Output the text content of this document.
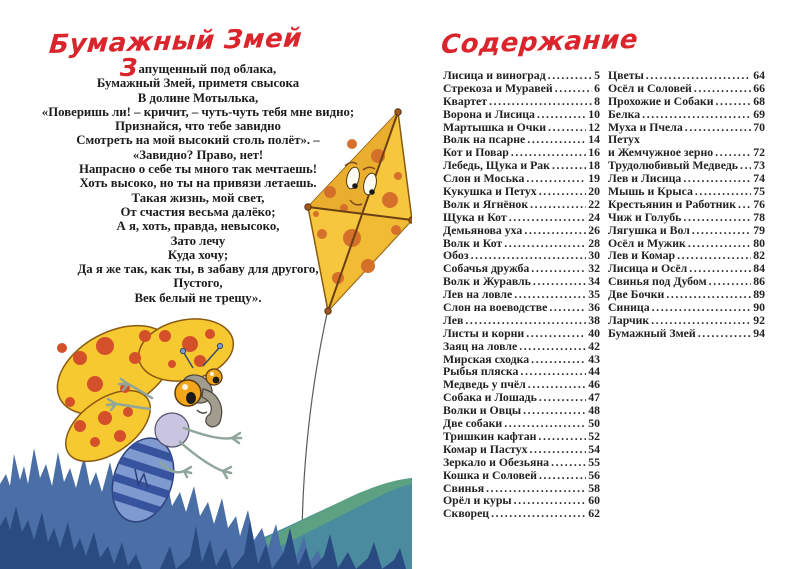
Бумажный Змей
Запущенный под облака,
Бумажный Змей, приметя свысока
В долине Мотылька,
«Поверишь ли! – кричит, – чуть-чуть тебя мне видно;
Признайся, что тебе завидно
Смотреть на мой высокий столь полёт». –
«Завидно? Право, нет!
Напрасно о себе ты много так мечтаешь!
Хоть высоко, но ты на привязи летаешь.
Такая жизнь, мой свет,
От счастия весьма далёко;
А я, хоть, правда, невысоко,
Зато лечу
Куда хочу;
Да я же так, как ты, в забаву для другого,
Пустого,
Век белый не трещу».
Содержание
Лисица и виноград .....	5
Стрекоза и Муравей .....	6
Квартет .....	8
Ворона и Лисица .....	10
Мартышка и Очки .....	12
Волк на псарне .....	14
Кот и Повар .....	16
Лебедь, Щука и Рак .....	18
Слон и Моська .....	19
Кукушка и Петух .....	20
Волк и Ягнёнок .....	22
Щука и Кот .....	24
Демьянова уха .....	26
Волк и Кот .....	28
Обоз .....	30
Собачья дружба .....	32
Волк и Журавль .....	34
Лев на ловле .....	35
Слон на воеводстве .....	36
Лев .....	38
Листы и корни .....	40
Заяц на ловле .....	42
Мирская сходка .....	43
Рыбья пляска .....	44
Медведь у пчёл .....	46
Собака и Лошадь .....	47
Волки и Овцы .....	48
Две собаки .....	50
Тришкин кафтан .....	52
Комар и Пастух .....	54
Зеркало и Обезьяна .....	55
Кошка и Соловей .....	56
Свинья .....	58
Орёл и куры .....	60
Скворец .....	62
Цветы .....	64
Осёл и Соловей .....	66
Прохожие и Собаки .....	68
Белка .....	69
Муха и Пчела .....	70
Петух
и Жемчужное зерно .....	72
Трудолюбивый Медведь ..... 73
Лев и Лисица .....	74
Мышь и Крыса .....	75
Крестьянин и Работник ..... 76
Чиж и Голубь .....	78
Лягушка и Вол .....	79
Осёл и Мужик .....	80
Лев и Комар .....	82
Лисица и Осёл .....	84
Свинья под Дубом .....	86
Две Бочки .....	89
Синица .....	90
Ларчик .....	92
Бумажный Змей .....	94
